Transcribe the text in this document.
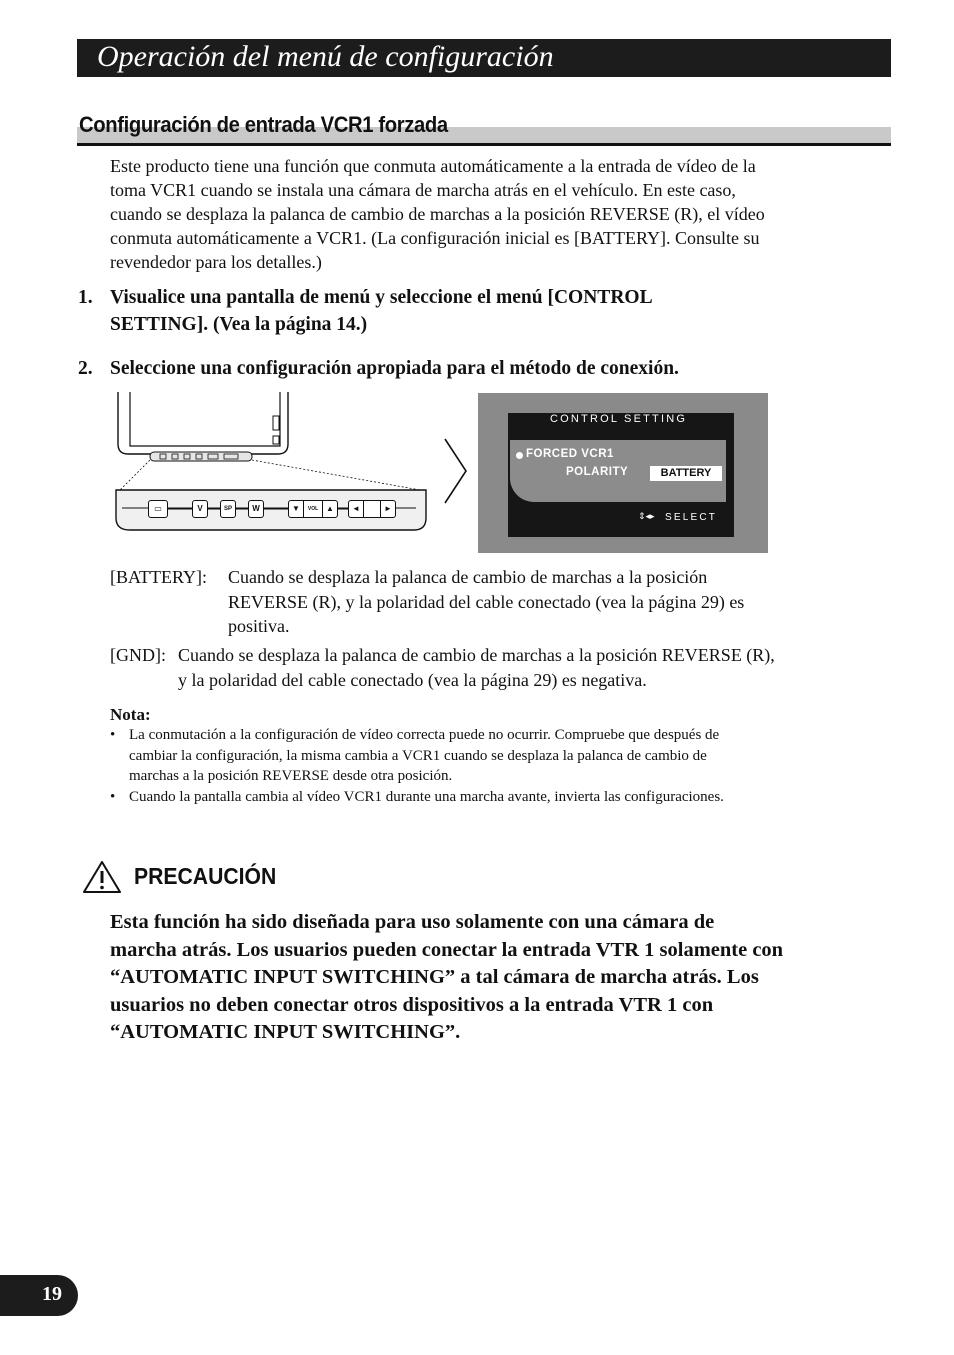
Operación del menú de configuración
Configuración de entrada VCR1 forzada
Este producto tiene una función que conmuta automáticamente a la entrada de vídeo de la
toma VCR1 cuando se instala una cámara de marcha atrás en el vehículo. En este caso,
cuando se desplaza la palanca de cambio de marchas a la posición REVERSE (R), el vídeo
conmuta automáticamente a VCR1. (La configuración inicial es [BATTERY]. Consulte su
revendedor para los detalles.)
1. Visualice una pantalla de menú y seleccione el menú [CONTROL
SETTING]. (Vea la página 14.)
2. Seleccione una configuración apropiada para el método de conexión.
▭	V	SP	W	▼	VOL ▲	◄	►
CONTROL SETTING
FORCED VCR1
POLARITY	BATTERY
⇕◂▸ SELECT
[BATTERY]: Cuando se desplaza la palanca de cambio de marchas a la posición
REVERSE (R), y la polaridad del cable conectado (vea la página 29) es
positiva.
[GND]: Cuando se desplaza la palanca de cambio de marchas a la posición REVERSE (R),
y la polaridad del cable conectado (vea la página 29) es negativa.
Nota:
• La conmutación a la configuración de vídeo correcta puede no ocurrir. Compruebe que después de
cambiar la configuración, la misma cambia a VCR1 cuando se desplaza la palanca de cambio de
marchas a la posición REVERSE desde otra posición.
• Cuando la pantalla cambia al vídeo VCR1 durante una marcha avante, invierta las configuraciones.
PRECAUCIÓN
Esta función ha sido diseñada para uso solamente con una cámara de
marcha atrás. Los usuarios pueden conectar la entrada VTR 1 solamente con
“AUTOMATIC INPUT SWITCHING” a tal cámara de marcha atrás. Los
usuarios no deben conectar otros dispositivos a la entrada VTR 1 con
“AUTOMATIC INPUT SWITCHING”.
19
